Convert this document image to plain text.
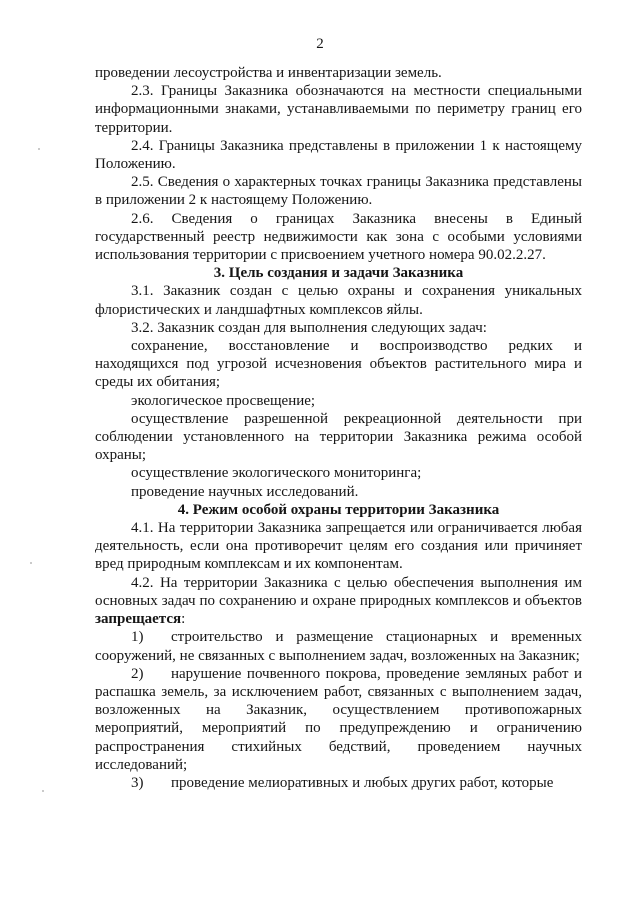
2

проведении лесоустройства и инвентаризации земель.

2.3. Границы Заказника обозначаются на местности специальными информационными знаками, устанавливаемыми по периметру границ его территории.

2.4. Границы Заказника представлены в приложении 1 к настоящему Положению.

2.5. Сведения о характерных точках границы Заказника представлены в приложении 2 к настоящему Положению.

2.6. Сведения о границах Заказника внесены в Единый государственный реестр недвижимости как зона с особыми условиями использования территории с присвоением учетного номера 90.02.2.27.

3. Цель создания и задачи Заказника

3.1. Заказник создан с целью охраны и сохранения уникальных флористических и ландшафтных комплексов яйлы.

3.2. Заказник создан для выполнения следующих задач:

сохранение, восстановление и воспроизводство редких и находящихся под угрозой исчезновения объектов растительного мира и среды их обитания;

экологическое просвещение;

осуществление разрешенной рекреационной деятельности при соблюдении установленного на территории Заказника режима особой охраны;

осуществление экологического мониторинга;

проведение научных исследований.

4. Режим особой охраны территории Заказника

4.1. На территории Заказника запрещается или ограничивается любая деятельность, если она противоречит целям его создания или причиняет вред природным комплексам и их компонентам.

4.2. На территории Заказника с целью обеспечения выполнения им основных задач по сохранению и охране природных комплексов и объектов запрещается:

1) строительство и размещение стационарных и временных сооружений, не связанных с выполнением задач, возложенных на Заказник;

2) нарушение почвенного покрова, проведение земляных работ и распашка земель, за исключением работ, связанных с выполнением задач, возложенных на Заказник, осуществлением противопожарных мероприятий, мероприятий по предупреждению и ограничению распространения стихийных бедствий, проведением научных исследований;

3) проведение мелиоративных и любых других работ, которые
